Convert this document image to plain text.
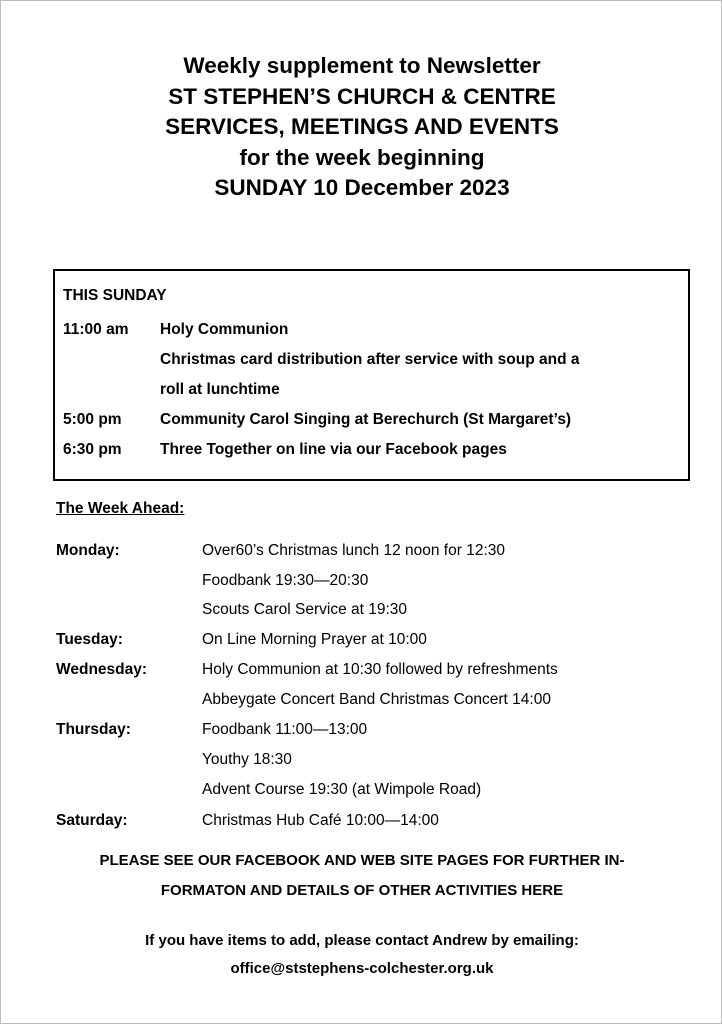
Weekly supplement to Newsletter
ST STEPHEN’S CHURCH & CENTRE
SERVICES, MEETINGS AND EVENTS
for the week beginning
SUNDAY 10 December 2023
THIS SUNDAY
11:00 am Holy Communion
Christmas card distribution after service with soup and a
roll at lunchtime
5:00 pm Community Carol Singing at Berechurch (St Margaret’s)
6:30 pm Three Together on line via our Facebook pages
The Week Ahead:
Monday:	Over60’s Christmas lunch 12 noon for 12:30
Foodbank 19:30—20:30
Scouts Carol Service at 19:30
Tuesday:	On Line Morning Prayer at 10:00
Wednesday:	Holy Communion at 10:30 followed by refreshments
Abbeygate Concert Band Christmas Concert 14:00
Thursday:	Foodbank 11:00—13:00
Youthy 18:30
Advent Course 19:30 (at Wimpole Road)
Saturday:	Christmas Hub Café 10:00—14:00
PLEASE SEE OUR FACEBOOK AND WEB SITE PAGES FOR FURTHER IN-
FORMATON AND DETAILS OF OTHER ACTIVITIES HERE
If you have items to add, please contact Andrew by emailing:
office@ststephens-colchester.org.uk
